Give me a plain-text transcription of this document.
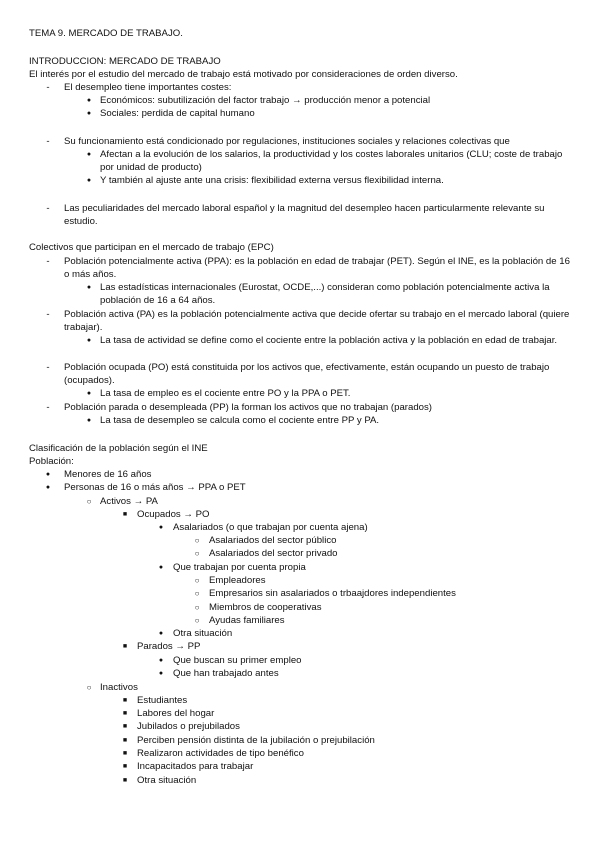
TEMA 9. MERCADO DE TRABAJO.
INTRODUCCION: MERCADO DE TRABAJO
El interés por el estudio del mercado de trabajo está motivado por consideraciones de orden diverso.
-	El desempleo tiene importantes costes:
● Económicos: subutilización del factor trabajo → producción menor a potencial
● Sociales: perdida de capital humano
-	Su funcionamiento está condicionado por regulaciones, instituciones sociales y relaciones colectivas que
● Afectan a la evolución de los salarios, la productividad y los costes laborales unitarios (CLU; coste de trabajo por unidad de producto)
● Y también al ajuste ante una crisis: flexibilidad externa versus flexibilidad interna.
-	Las peculiaridades del mercado laboral español y la magnitud del desempleo hacen particularmente relevante su estudio.
Colectivos que participan en el mercado de trabajo (EPC)
-	Población potencialmente activa (PPA): es la población en edad de trabajar (PET). Según el INE, es la población de 16 o más años.
● Las estadísticas internacionales (Eurostat, OCDE,...) consideran como población potencialmente activa la población de 16 a 64 años.
-	Población activa (PA) es la población potencialmente activa que decide ofertar su trabajo en el mercado laboral (quiere trabajar).
● La tasa de actividad se define como el cociente entre la población activa y la población en edad de trabajar.
-	Población ocupada (PO) está constituida por los activos que, efectivamente, están ocupando un puesto de trabajo (ocupados).
● La tasa de empleo es el cociente entre PO y la PPA o PET.
-	Población parada o desempleada (PP) la forman los activos que no trabajan (parados)
● La tasa de desempleo se calcula como el cociente entre PP y PA.
Clasificación de la población según el INE
Población:
●	Menores de 16 años
●	Personas de 16 o más años → PPA o PET
○ Activos → PA
■	Ocupados → PO
●	Asalariados (o que trabajan por cuenta ajena)
○ Asalariados del sector público
○ Asalariados del sector privado
●	Que trabajan por cuenta propia
○ Empleadores
○ Empresarios sin asalariados o trbaajdores independientes
○ Miembros de cooperativas
○ Ayudas familiares
●	Otra situación
■	Parados → PP
●	Que buscan su primer empleo
●	Que han trabajado antes
○ Inactivos
■	Estudiantes
■	Labores del hogar
■	Jubilados o prejubilados
■	Perciben pensión distinta de la jubilación o prejubilación
■	Realizaron actividades de tipo benéfico
■	Incapacitados para trabajar
■	Otra situación
